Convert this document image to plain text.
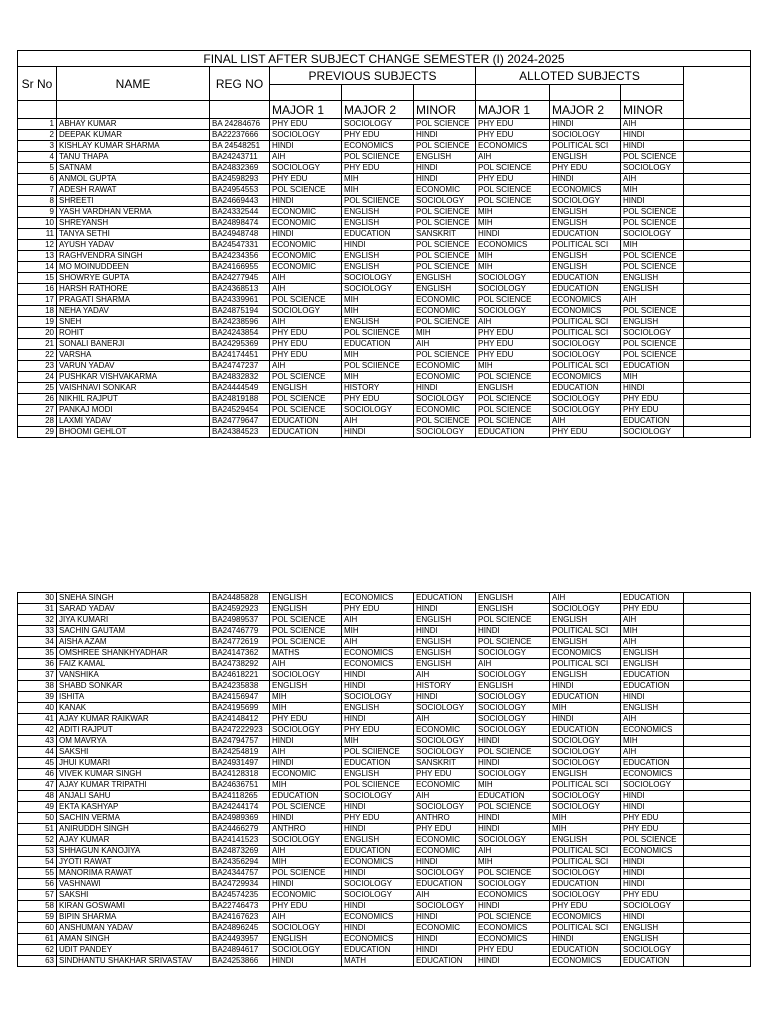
FINAL LIST AFTER SUBJECT CHANGE SEMESTER (I) 2024-2025									
Sr No	NAME	REG NO	PREVIOUS SUBJECTS			ALLOTED SUBJECTS			

			MAJOR 1	MAJOR 2	MINOR	MAJOR 1	MAJOR 2	MINOR	
1	ABHAY KUMAR	BA 24284676	PHY EDU	SOCIOLOGY	POL SCIENCE	PHY EDU	HINDI	AIH	
2	DEEPAK KUMAR	BA22237666	SOCIOLOGY	PHY EDU	HINDI	PHY EDU	SOCIOLOGY	HINDI	
3	KISHLAY KUMAR SHARMA	BA 24548251	HINDI	ECONOMICS	POL SCIENCE	ECONOMICS	POLITICAL SCI	HINDI	
4	TANU THAPA	BA24243711	AIH	POL SCIIENCE	ENGLISH	AIH	ENGLISH	POL SCIENCE	
5	SATNAM	BA24832369	SOCIOLOGY	PHY EDU	HINDI	POL SCIENCE	PHY EDU	SOCIOLOGY	
6	ANMOL GUPTA	BA24598293	PHY EDU	MIH	HINDI	PHY EDU	HINDI	AIH	
7	ADESH RAWAT	BA24954553	POL SCIENCE	MIH	ECONOMIC	POL SCIENCE	ECONOMICS	MIH	
8	SHREETI	BA24669443	HINDI	POL SCIIENCE	SOCIOLOGY	POL SCIENCE	SOCIOLOGY	HINDI	
9	YASH VARDHAN VERMA	BA24332544	ECONOMIC	ENGLISH	POL SCIENCE	MIH	ENGLISH	POL SCIENCE	
10	SHREYANSH	BA24898474	ECONOMIC	ENGLISH	POL SCIENCE	MIH	ENGLISH	POL SCIENCE	
11	TANYA SETHI	BA24948748	HINDI	EDUCATION	SANSKRIT	HINDI	EDUCATION	SOCIOLOGY	
12	AYUSH YADAV	BA24547331	ECONOMIC	HINDI	POL SCIENCE	ECONOMICS	POLITICAL SCI	MIH	
13	RAGHVENDRA SINGH	BA24234356	ECONOMIC	ENGLISH	POL SCIENCE	MIH	ENGLISH	POL SCIENCE	
14	MO MOINUDDEEN	BA24166955	ECONOMIC	ENGLISH	POL SCIENCE	MIH	ENGLISH	POL SCIENCE	
15	SHOWRYE GUPTA	BA24277945	AIH	SOCIOLOGY	ENGLISH	SOCIOLOGY	EDUCATION	ENGLISH	
16	HARSH RATHORE	BA24368513	AIH	SOCIOLOGY	ENGLISH	SOCIOLOGY	EDUCATION	ENGLISH	
17	PRAGATI SHARMA	BA24339961	POL SCIENCE	MIH	ECONOMIC	POL SCIENCE	ECONOMICS	AIH	
18	NEHA YADAV	BA24875194	SOCIOLOGY	MIH	ECONOMIC	SOCIOLOGY	ECONOMICS	POL SCIENCE	
19	SNEH	BA24238596	AIH	ENGLISH	POL SCIENCE	AIH	POLITICAL SCI	ENGLISH	
20	ROHIT	BA24243854	PHY EDU	POL SCIIENCE	MIH	PHY EDU	POLITICAL SCI	SOCIOLOGY	
21	SONALI BANERJI	BA24295369	PHY EDU	EDUCATION	AIH	PHY EDU	SOCIOLOGY	POL SCIENCE	
22	VARSHA	BA24174451	PHY EDU	MIH	POL SCIENCE	PHY EDU	SOCIOLOGY	POL SCIENCE	
23	VARUN YADAV	BA24747237	AIH	POL SCIIENCE	ECONOMIC	MIH	POLITICAL SCI	EDUCATION	
24	PUSHKAR VISHVAKARMA	BA24832832	POL SCIENCE	MIH	ECONOMIC	POL SCIENCE	ECONOMICS	MIH	
25	VAISHNAVI SONKAR	BA24444549	ENGLISH	HISTORY	HINDI	ENGLISH	EDUCATION	HINDI	
26	NIKHIL RAJPUT	BA24819188	POL SCIENCE	PHY EDU	SOCIOLOGY	POL SCIENCE	SOCIOLOGY	PHY EDU	
27	PANKAJ MODI	BA24529454	POL SCIENCE	SOCIOLOGY	ECONOMIC	POL SCIENCE	SOCIOLOGY	PHY EDU	
28	LAXMI YADAV	BA24779647	EDUCATION	AIH	POL SCIENCE	POL SCIENCE	AIH	EDUCATION	
29	BHOOMI GEHLOT	BA24384523	EDUCATION	HINDI	SOCIOLOGY	EDUCATION	PHY EDU	SOCIOLOGY	
30	SNEHA SINGH	BA24485828	ENGLISH	ECONOMICS	EDUCATION	ENGLISH	AIH	EDUCATION	
31	SARAD YADAV	BA24592923	ENGLISH	PHY EDU	HINDI	ENGLISH	SOCIOLOGY	PHY EDU	
32	JIYA KUMARI	BA24989537	POL SCIENCE	AIH	ENGLISH	POL SCIENCE	ENGLISH	AIH	
33	SACHIN GAUTAM	BA24746779	POL SCIENCE	MIH	HINDI	HINDI	POLITICAL SCI	MIH	
34	AISHA AZAM	BA24772619	POL SCIENCE	AIH	ENGLISH	POL SCIENCE	ENGLISH	AIH	
35	OMSHREE SHANKHYADHAR	BA24147362	MATHS	ECONOMICS	ENGLISH	SOCIOLOGY	ECONOMICS	ENGLISH	
36	FAIZ KAMAL	BA24738292	AIH	ECONOMICS	ENGLISH	AIH	POLITICAL SCI	ENGLISH	
37	VANSHIKA	BA24618221	SOCIOLOGY	HINDI	AIH	SOCIOLOGY	ENGLISH	EDUCATION	
38	SHABD SONKAR	BA24235838	ENGLISH	HINDI	HISTORY	ENGLISH	HINDI	EDUCATION	
39	ISHITA	BA24156947	MIH	SOCIOLOGY	HINDI	SOCIOLOGY	EDUCATION	HINDI	
40	KANAK	BA24195699	MIH	ENGLISH	SOCIOLOGY	SOCIOLOGY	MIH	ENGLISH	
41	AJAY KUMAR RAIKWAR	BA24148412	PHY EDU	HINDI	AIH	SOCIOLOGY	HINDI	AIH	
42	ADITI RAJPUT	BA247222923	SOCIOLOGY	PHY EDU	ECONOMIC	SOCIOLOGY	EDUCATION	ECONOMICS	
43	OM MAVRYA	BA24794757	HINDI	MIH	SOCIOLOGY	HINDI	SOCIOLOGY	MIH	
44	SAKSHI	BA24254819	AIH	POL SCIIENCE	SOCIOLOGY	POL SCIENCE	SOCIOLOGY	AIH	
45	JHUI KUMARI	BA24931497	HINDI	EDUCATION	SANSKRIT	HINDI	SOCIOLOGY	EDUCATION	
46	VIVEK KUMAR SINGH	BA24128318	ECONOMIC	ENGLISH	PHY EDU	SOCIOLOGY	ENGLISH	ECONOMICS	
47	AJAY KUMAR TRIPATHI	BA24636751	MIH	POL SCIIENCE	ECONOMIC	MIH	POLITICAL SCI	SOCIOLOGY	
48	ANJALI SAHU	BA24118265	EDUCATION	SOCIOLOGY	AIH	EDUCATION	SOCIOLOGY	HINDI	
49	EKTA KASHYAP	BA24244174	POL SCIENCE	HINDI	SOCIOLOGY	POL SCIENCE	SOCIOLOGY	HINDI	
50	SACHIN VERMA	BA24989369	HINDI	PHY EDU	ANTHRO	HINDI	MIH	PHY EDU	
51	ANIRUDDH SINGH	BA24466279	ANTHRO	HINDI	PHY EDU	HINDI	MIH	PHY EDU	
52	AJAY KUMAR	BA24141523	SOCIOLOGY	ENGLISH	ECONOMIC	SOCIOLOGY	ENGLISH	POL SCIENCE	
53	SHHAGUN KANOJIYA	BA24873269	AIH	EDUCATION	ECONOMIC	AIH	POLITICAL SCI	ECONOMICS	
54	JYOTI RAWAT	BA24356294	MIH	ECONOMICS	HINDI	MIH	POLITICAL SCI	HINDI	
55	MANORIMA RAWAT	BA24344757	POL SCIENCE	HINDI	SOCIOLOGY	POL SCIENCE	SOCIOLOGY	HINDI	
56	VASHNAWI	BA24729934	HINDI	SOCIOLOGY	EDUCATION	SOCIOLOGY	EDUCATION	HINDI	
57	SAKSHI	BA24574235	ECONOMIC	SOCIOLOGY	AIH	ECONOMICS	SOCIOLOGY	PHY EDU	
58	KIRAN GOSWAMI	BA22746473	PHY EDU	HINDI	SOCIOLOGY	HINDI	PHY EDU	SOCIOLOGY	
59	BIPIN SHARMA	BA24167623	AIH	ECONOMICS	HINDI	POL SCIENCE	ECONOMICS	HINDI	
60	ANSHUMAN YADAV	BA24896245	SOCIOLOGY	HINDI	ECONOMIC	ECONOMICS	POLITICAL SCI	ENGLISH	
61	AMAN SINGH	BA24493957	ENGLISH	ECONOMICS	HINDI	ECONOMICS	HINDI	ENGLISH	
62	UDIT PANDEY	BA24894617	SOCIOLOGY	EDUCATION	HINDI	PHY EDU	EDUCATION	SOCIOLOGY	
63	SINDHANTU SHAKHAR SRIVASTAV	BA24253866	HINDI	MATH	EDUCATION	HINDI	ECONOMICS	EDUCATION	
